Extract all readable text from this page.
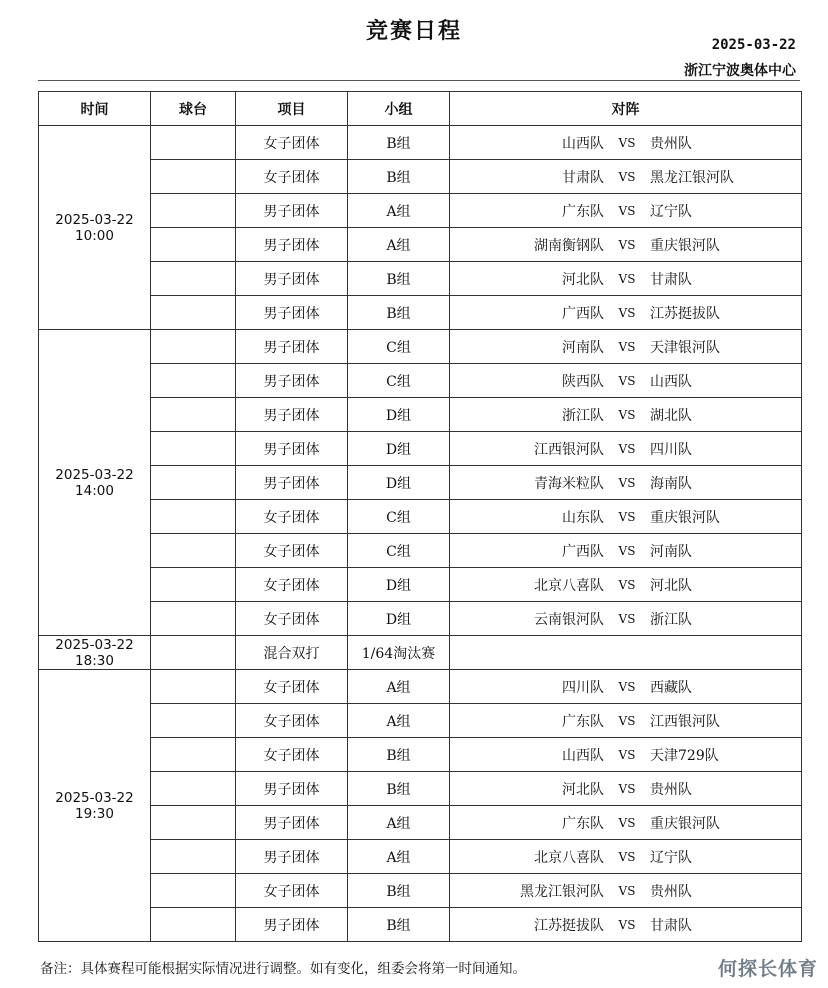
竞赛日程
2025-03-22
浙江宁波奥体中心
时间	球台	项目	小组	对阵

2025-03-22
10:00		女子团体	B组	山西队 VS 贵州队

		女子团体	B组	甘肃队 VS 黑龙江银河队

		男子团体	A组	广东队 VS 辽宁队

		男子团体	A组	湖南衡钢队 VS 重庆银河队

		男子团体	B组	河北队 VS 甘肃队

		男子团体	B组	广西队 VS 江苏挺拔队

2025-03-22
14:00		男子团体	C组	河南队 VS 天津银河队

		男子团体	C组	陕西队 VS 山西队

		男子团体	D组	浙江队 VS 湖北队

		男子团体	D组	江西银河队 VS 四川队

		男子团体	D组	青海米粒队 VS 海南队

		女子团体	C组	山东队 VS 重庆银河队

		女子团体	C组	广西队 VS 河南队

		女子团体	D组	北京八喜队 VS 河北队

		女子团体	D组	云南银河队 VS 浙江队

2025-03-22
18:30		混合双打	1/64淘汰赛	

2025-03-22
19:30		女子团体	A组	四川队 VS 西藏队

		女子团体	A组	广东队 VS 江西银河队

		女子团体	B组	山西队 VS 天津729队

		男子团体	B组	河北队 VS 贵州队

		男子团体	A组	广东队 VS 重庆银河队

		男子团体	A组	北京八喜队 VS 辽宁队

		女子团体	B组	黑龙江银河队 VS 贵州队

		男子团体	B组	江苏挺拔队 VS 甘肃队
备注：具体赛程可能根据实际情况进行调整。如有变化，组委会将第一时间通知。	何探长体育
